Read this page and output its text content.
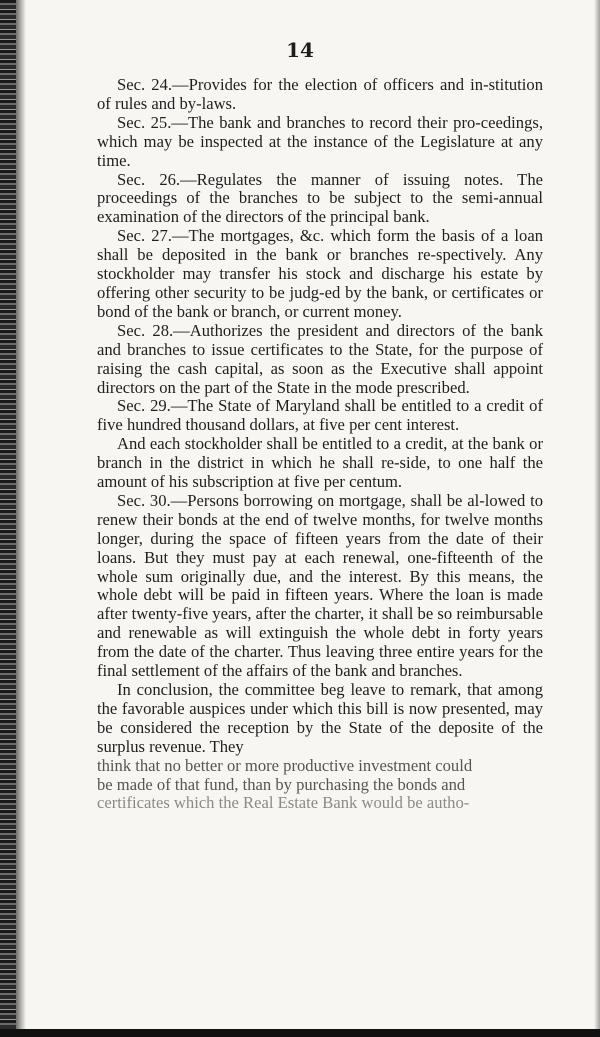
14

Sec. 24.—Provides for the election of officers and in-stitution of rules and by-laws.

Sec. 25.—The bank and branches to record their pro-ceedings, which may be inspected at the instance of the Legislature at any time.

Sec. 26.—Regulates the manner of issuing notes. The proceedings of the branches to be subject to the semi-annual examination of the directors of the principal bank.

Sec. 27.—The mortgages, &c. which form the basis of a loan shall be deposited in the bank or branches re-spectively. Any stockholder may transfer his stock and discharge his estate by offering other security to be judg-ed by the bank, or certificates or bond of the bank or branch, or current money.

Sec. 28.—Authorizes the president and directors of the bank and branches to issue certificates to the State, for the purpose of raising the cash capital, as soon as the Executive shall appoint directors on the part of the State in the mode prescribed.

Sec. 29.—The State of Maryland shall be entitled to a credit of five hundred thousand dollars, at five per cent interest.

And each stockholder shall be entitled to a credit, at the bank or branch in the district in which he shall re-side, to one half the amount of his subscription at five per centum.

Sec. 30.—Persons borrowing on mortgage, shall be al-lowed to renew their bonds at the end of twelve months, for twelve months longer, during the space of fifteen years from the date of their loans. But they must pay at each renewal, one-fifteenth of the whole sum originally due, and the interest. By this means, the whole debt will be paid in fifteen years. Where the loan is made after twenty-five years, after the charter, it shall be so reimbursable and renewable as will extinguish the whole debt in forty years from the date of the charter. Thus leaving three entire years for the final settlement of the affairs of the bank and branches.

In conclusion, the committee beg leave to remark, that among the favorable auspices under which this bill is now presented, may be considered the reception by the State of the deposite of the surplus revenue. They

think that no better or more productive investment could

be made of that fund, than by purchasing the bonds and

certificates which the Real Estate Bank would be autho-
